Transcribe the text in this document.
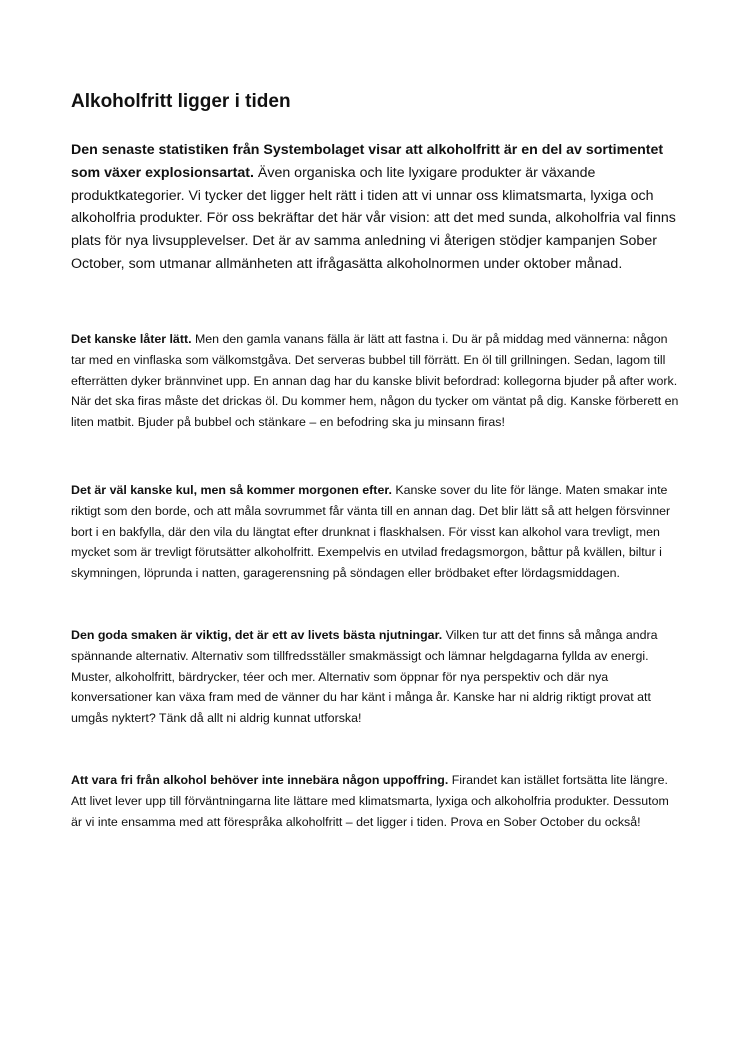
Alkoholfritt ligger i tiden

Den senaste statistiken från Systembolaget visar att alkoholfritt är en del av sortimentet som växer explosionsartat. Även organiska och lite lyxigare produkter är växande produktkategorier. Vi tycker det ligger helt rätt i tiden att vi unnar oss klimatsmarta, lyxiga och alkoholfria produkter. För oss bekräftar det här vår vision: att det med sunda, alkoholfria val finns plats för nya livsupplevelser. Det är av samma anledning vi återigen stödjer kampanjen Sober October, som utmanar allmänheten att ifrågasätta alkoholnormen under oktober månad.

Det kanske låter lätt. Men den gamla vanans fälla är lätt att fastna i. Du är på middag med vännerna: någon tar med en vinflaska som välkomstgåva. Det serveras bubbel till förrätt. En öl till grillningen. Sedan, lagom till efterrätten dyker brännvinet upp. En annan dag har du kanske blivit befordrad: kollegorna bjuder på after work. När det ska firas måste det drickas öl. Du kommer hem, någon du tycker om väntat på dig. Kanske förberett en liten matbit. Bjuder på bubbel och stänkare – en befodring ska ju minsann firas!

Det är väl kanske kul, men så kommer morgonen efter. Kanske sover du lite för länge. Maten smakar inte riktigt som den borde, och att måla sovrummet får vänta till en annan dag. Det blir lätt så att helgen försvinner bort i en bakfylla, där den vila du längtat efter drunknat i flaskhalsen. För visst kan alkohol vara trevligt, men mycket som är trevligt förutsätter alkoholfritt. Exempelvis en utvilad fredagsmorgon, båttur på kvällen, biltur i skymningen, löprunda i natten, garagerensning på söndagen eller brödbaket efter lördagsmiddagen.

Den goda smaken är viktig, det är ett av livets bästa njutningar. Vilken tur att det finns så många andra spännande alternativ. Alternativ som tillfredsställer smakmässigt och lämnar helgdagarna fyllda av energi. Muster, alkoholfritt, bärdrycker, téer och mer. Alternativ som öppnar för nya perspektiv och där nya konversationer kan växa fram med de vänner du har känt i många år. Kanske har ni aldrig riktigt provat att umgås nyktert? Tänk då allt ni aldrig kunnat utforska!

Att vara fri från alkohol behöver inte innebära någon uppoffring. Firandet kan istället fortsätta lite längre. Att livet lever upp till förväntningarna lite lättare med klimatsmarta, lyxiga och alkoholfria produkter. Dessutom är vi inte ensamma med att förespråka alkoholfritt – det ligger i tiden. Prova en Sober October du också!
